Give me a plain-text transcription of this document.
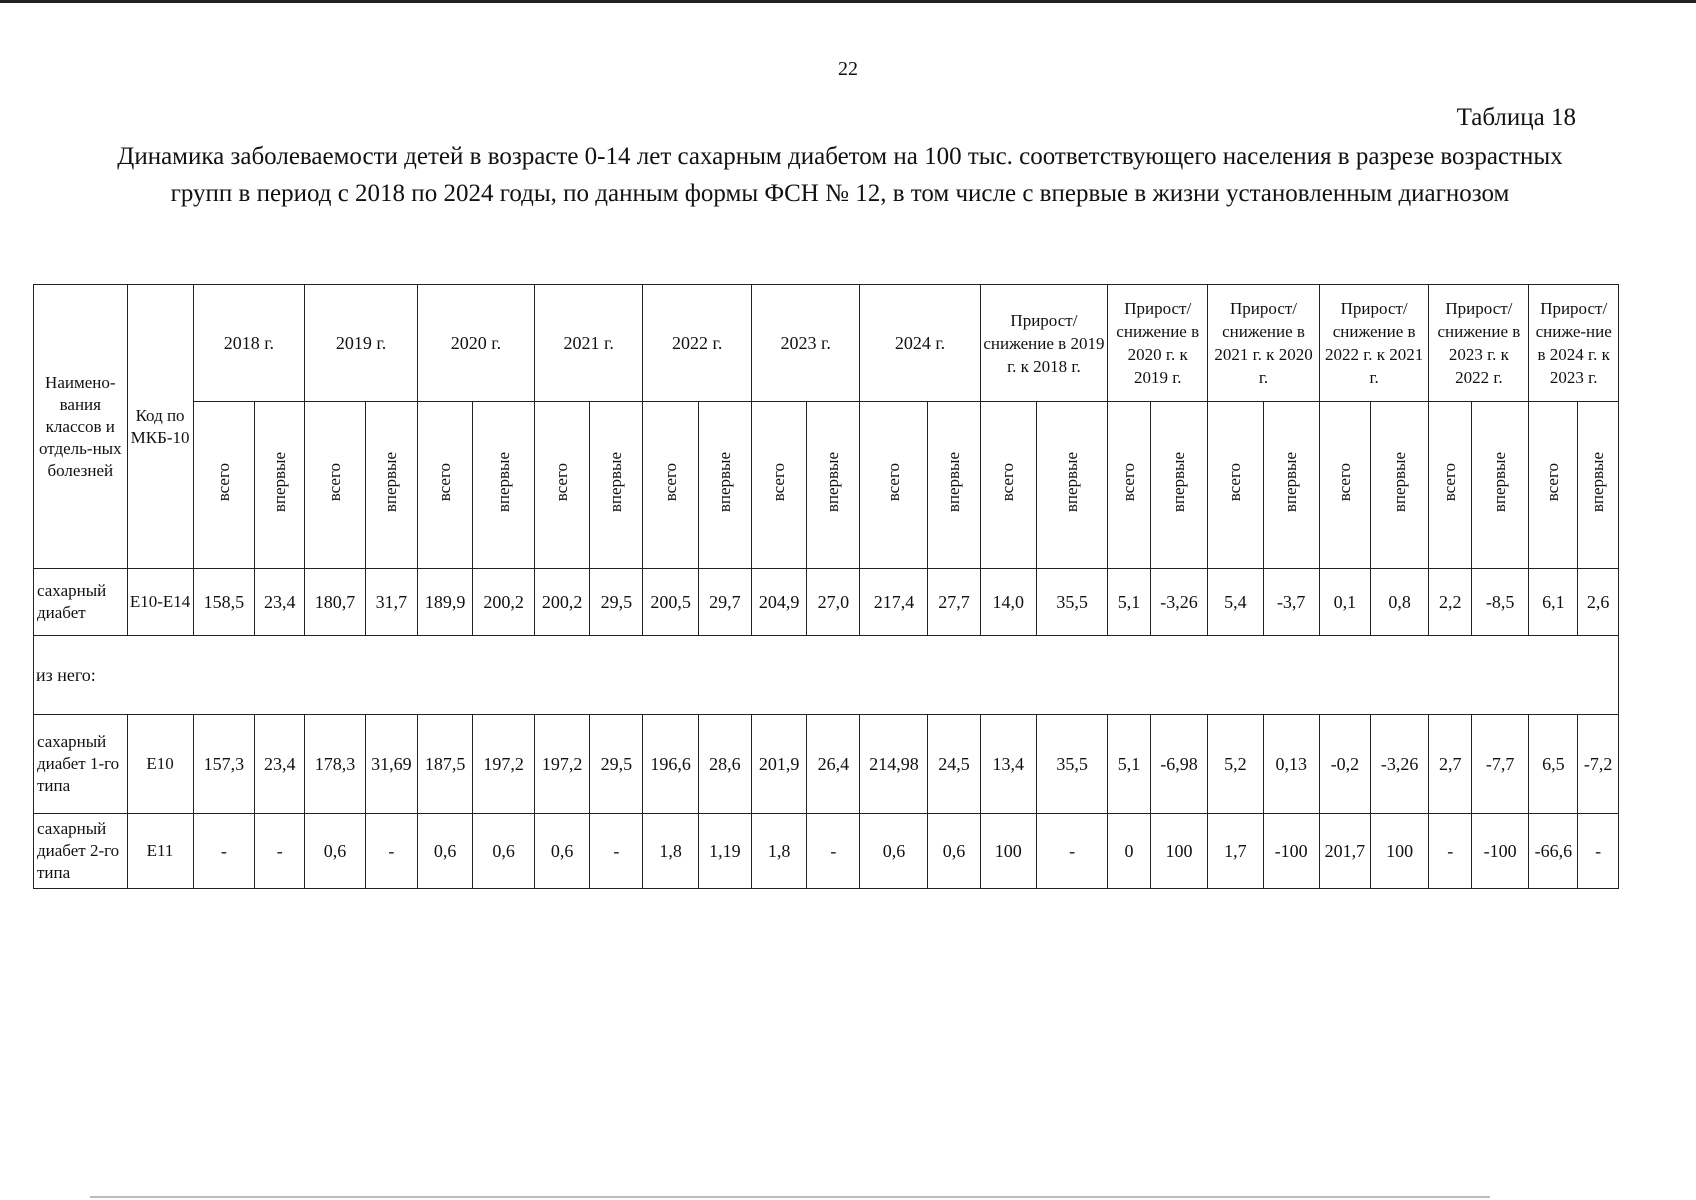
22
Таблица 18
Динамика заболеваемости детей в возрасте 0-14 лет сахарным диабетом на 100 тыс. соответствующего населения в разрезе возрастных групп в период с 2018 по 2024 годы, по данным формы ФСН № 12, в том числе с впервые в жизни установленным диагнозом
Наимено-вания классов и отдель-ных болезней	Код по МКБ-10	2018 г.		2019 г.		2020 г.		2021 г.		2022 г.		2023 г.		2024 г.		Прирост/ снижение в 2019 г. к 2018 г.		Прирост/ снижение в 2020 г. к 2019 г.		Прирост/ снижение в 2021 г. к 2020 г.		Прирост/ снижение в 2022 г. к 2021 г.		Прирост/ снижение в 2023 г. к 2022 г.		Прирост/ сниже-ние в 2024 г. к 2023 г.	
		всего	впервые	всего	впервые	всего	впервые	всего	впервые	всего	впервые	всего	впервые	всего	впервые	всего	впервые	всего	впервые	всего	впервые	всего	впервые	всего	впервые	всего	впервые
сахарный диабет	Е10-Е14	158,5	23,4	180,7	31,7	189,9	200,2	200,2	29,5	200,5	29,7	204,9	27,0	217,4	27,7	14,0	35,5	5,1	-3,26	5,4	-3,7	0,1	0,8	2,2	-8,5	6,1	2,6
из него:																											
сахарный диабет 1-го типа	Е10	157,3	23,4	178,3	31,69	187,5	197,2	197,2	29,5	196,6	28,6	201,9	26,4	214,98	24,5	13,4	35,5	5,1	-6,98	5,2	0,13	-0,2	-3,26	2,7	-7,7	6,5	-7,2
сахарный диабет 2-го типа	Е11	-	-	0,6	-	0,6	0,6	0,6	-	1,8	1,19	1,8	-	0,6	0,6	100	-	0	100	1,7	-100	201,7	100	-	-100	-66,6	-
